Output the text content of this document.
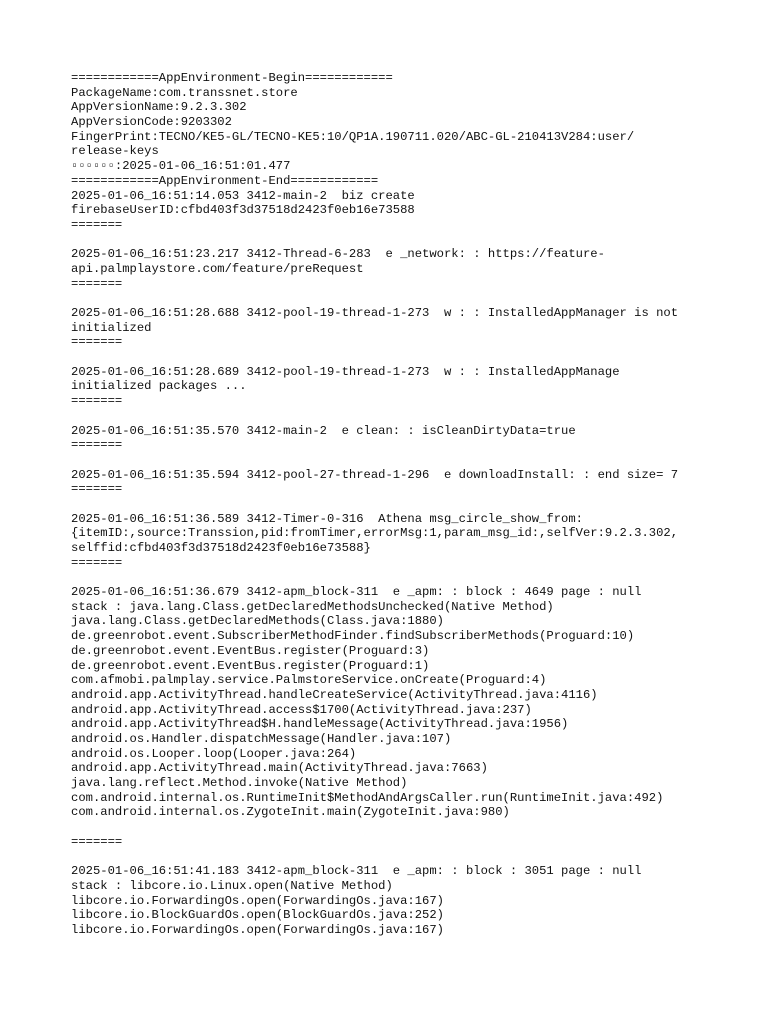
============AppEnvironment-Begin============
PackageName:com.transsnet.store
AppVersionName:9.2.3.302
AppVersionCode:9203302
FingerPrint:TECNO/KE5-GL/TECNO-KE5:10/QP1A.190711.020/ABC-GL-210413V284:user/
release-keys
▫▫▫▫▫▫:2025-01-06_16:51:01.477
============AppEnvironment-End============
2025-01-06_16:51:14.053 3412-main-2  biz create
firebaseUserID:cfbd403f3d37518d2423f0eb16e73588
=======
2025-01-06_16:51:23.217 3412-Thread-6-283  e _network: : https://feature-
api.palmplaystore.com/feature/preRequest
=======
2025-01-06_16:51:28.688 3412-pool-19-thread-1-273  w : : InstalledAppManager is not
initialized
=======
2025-01-06_16:51:28.689 3412-pool-19-thread-1-273  w : : InstalledAppManage
initialized packages ...
=======
2025-01-06_16:51:35.570 3412-main-2  e clean: : isCleanDirtyData=true
=======
2025-01-06_16:51:35.594 3412-pool-27-thread-1-296  e downloadInstall: : end size= 7
=======
2025-01-06_16:51:36.589 3412-Timer-0-316  Athena msg_circle_show_from:
{itemID:,source:Transsion,pid:fromTimer,errorMsg:1,param_msg_id:,selfVer:9.2.3.302,
selffid:cfbd403f3d37518d2423f0eb16e73588}
=======
2025-01-06_16:51:36.679 3412-apm_block-311  e _apm: : block : 4649 page : null
stack : java.lang.Class.getDeclaredMethodsUnchecked(Native Method)
java.lang.Class.getDeclaredMethods(Class.java:1880)
de.greenrobot.event.SubscriberMethodFinder.findSubscriberMethods(Proguard:10)
de.greenrobot.event.EventBus.register(Proguard:3)
de.greenrobot.event.EventBus.register(Proguard:1)
com.afmobi.palmplay.service.PalmstoreService.onCreate(Proguard:4)
android.app.ActivityThread.handleCreateService(ActivityThread.java:4116)
android.app.ActivityThread.access$1700(ActivityThread.java:237)
android.app.ActivityThread$H.handleMessage(ActivityThread.java:1956)
android.os.Handler.dispatchMessage(Handler.java:107)
android.os.Looper.loop(Looper.java:264)
android.app.ActivityThread.main(ActivityThread.java:7663)
java.lang.reflect.Method.invoke(Native Method)
com.android.internal.os.RuntimeInit$MethodAndArgsCaller.run(RuntimeInit.java:492)
com.android.internal.os.ZygoteInit.main(ZygoteInit.java:980)
=======
2025-01-06_16:51:41.183 3412-apm_block-311  e _apm: : block : 3051 page : null
stack : libcore.io.Linux.open(Native Method)
libcore.io.ForwardingOs.open(ForwardingOs.java:167)
libcore.io.BlockGuardOs.open(BlockGuardOs.java:252)
libcore.io.ForwardingOs.open(ForwardingOs.java:167)
